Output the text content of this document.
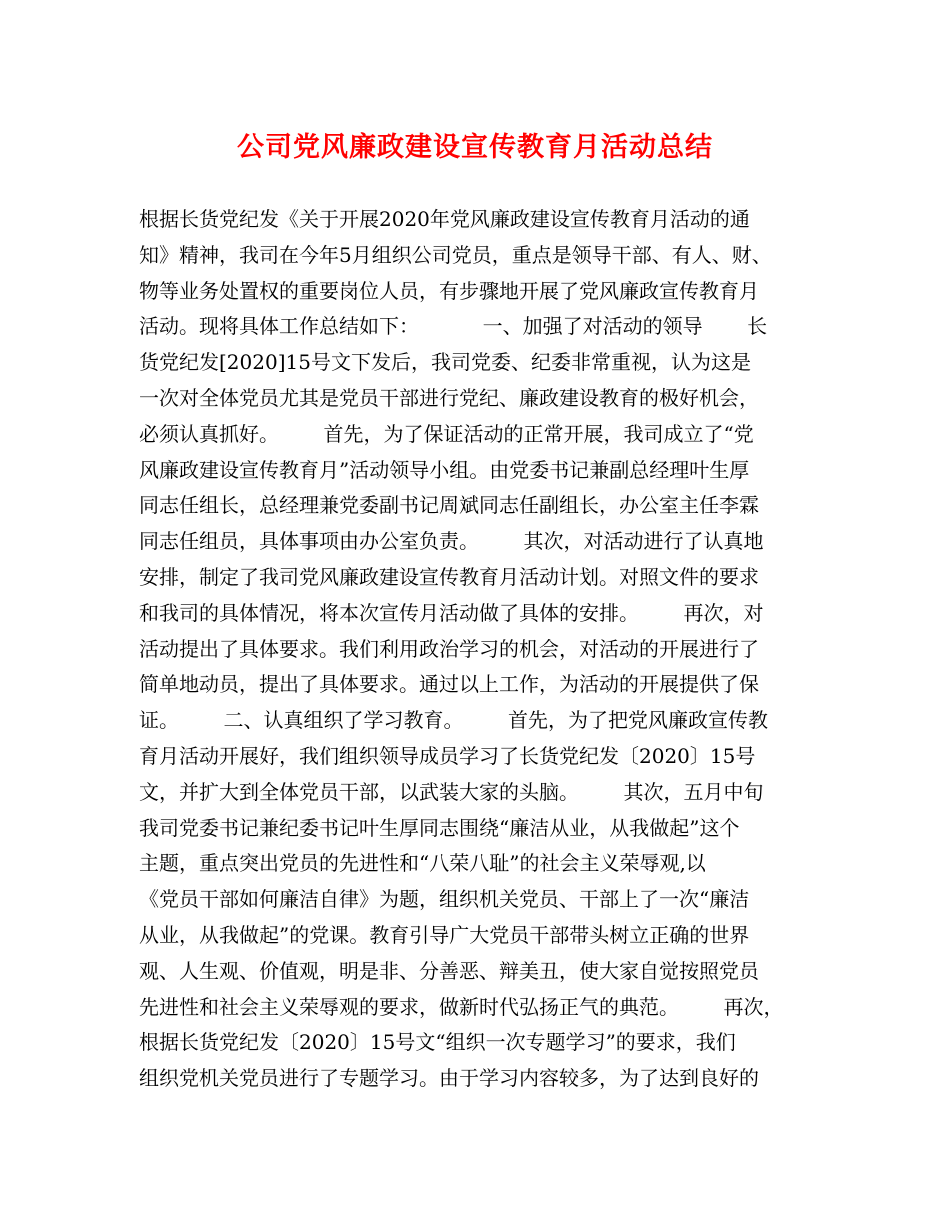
公司党风廉政建设宣传教育月活动总结
根据长货党纪发《关于开展2020年党风廉政建设宣传教育月活动的通
知》精神，我司在今年5月组织公司党员，重点是领导干部、有人、财、
物等业务处置权的重要岗位人员，有步骤地开展了党风廉政宣传教育月
活动。现将具体工作总结如下：          一、加强了对活动的领导       长
货党纪发[2020]15号文下发后，我司党委、纪委非常重视，认为这是
一次对全体党员尤其是党员干部进行党纪、廉政建设教育的极好机会，
必须认真抓好。       首先，为了保证活动的正常开展，我司成立了“党
风廉政建设宣传教育月”活动领导小组。由党委书记兼副总经理叶生厚
同志任组长，总经理兼党委副书记周斌同志任副组长，办公室主任李霖
同志任组员，具体事项由办公室负责。       其次，对活动进行了认真地
安排，制定了我司党风廉政建设宣传教育月活动计划。对照文件的要求
和我司的具体情况，将本次宣传月活动做了具体的安排。       再次，对
活动提出了具体要求。我们利用政治学习的机会，对活动的开展进行了
简单地动员，提出了具体要求。通过以上工作，为活动的开展提供了保
证。       二、认真组织了学习教育。       首先，为了把党风廉政宣传教
育月活动开展好，我们组织领导成员学习了长货党纪发〔2020〕15号
文，并扩大到全体党员干部，以武装大家的头脑。       其次，五月中旬
我司党委书记兼纪委书记叶生厚同志围绕“廉洁从业，从我做起”这个
主题，重点突出党员的先进性和“八荣八耻”的社会主义荣辱观,以
《党员干部如何廉洁自律》为题，组织机关党员、干部上了一次“廉洁
从业，从我做起”的党课。教育引导广大党员干部带头树立正确的世界
观、人生观、价值观，明是非、分善恶、辩美丑，使大家自觉按照党员
先进性和社会主义荣辱观的要求，做新时代弘扬正气的典范。       再次，
根据长货党纪发〔2020〕15号文“组织一次专题学习”的要求，我们
组织党机关党员进行了专题学习。由于学习内容较多，为了达到良好的
